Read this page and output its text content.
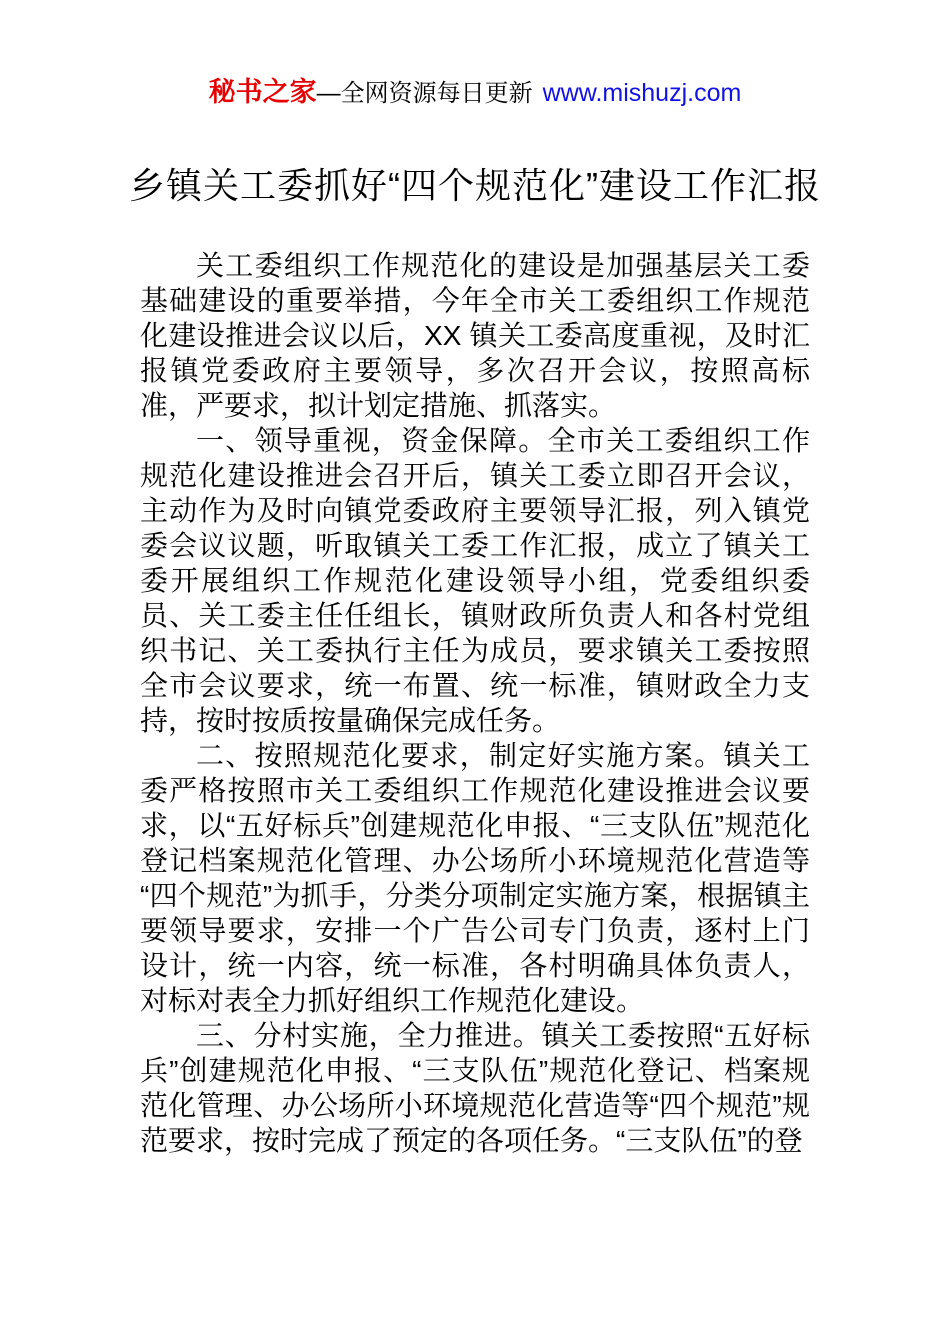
秘书之家—全网资源每日更新 www.mishuzj.com
乡镇关工委抓好“四个规范化”建设工作汇报

关工委组织工作规范化的建设是加强基层关工委基础建设的重要举措，今年全市关工委组织工作规范化建设推进会议以后，XX 镇关工委高度重视，及时汇报镇党委政府主要领导，多次召开会议，按照高标准，严要求，拟计划定措施、抓落实。

一、领导重视，资金保障。全市关工委组织工作规范化建设推进会召开后，镇关工委立即召开会议，主动作为及时向镇党委政府主要领导汇报，列入镇党委会议议题，听取镇关工委工作汇报，成立了镇关工委开展组织工作规范化建设领导小组，党委组织委员、关工委主任任组长，镇财政所负责人和各村党组织书记、关工委执行主任为成员，要求镇关工委按照全市会议要求，统一布置、统一标准，镇财政全力支持，按时按质按量确保完成任务。

二、按照规范化要求，制定好实施方案。镇关工委严格按照市关工委组织工作规范化建设推进会议要求，以“五好标兵”创建规范化申报、“三支队伍”规范化登记档案规范化管理、办公场所小环境规范化营造等“四个规范”为抓手，分类分项制定实施方案，根据镇主要领导要求，安排一个广告公司专门负责，逐村上门设计，统一内容，统一标准，各村明确具体负责人，对标对表全力抓好组织工作规范化建设。

三、分村实施，全力推进。镇关工委按照“五好标兵”创建规范化申报、“三支队伍”规范化登记、档案规范化管理、办公场所小环境规范化营造等“四个规范”规范要求，按时完成了预定的各项任务。“三支队伍”的登
